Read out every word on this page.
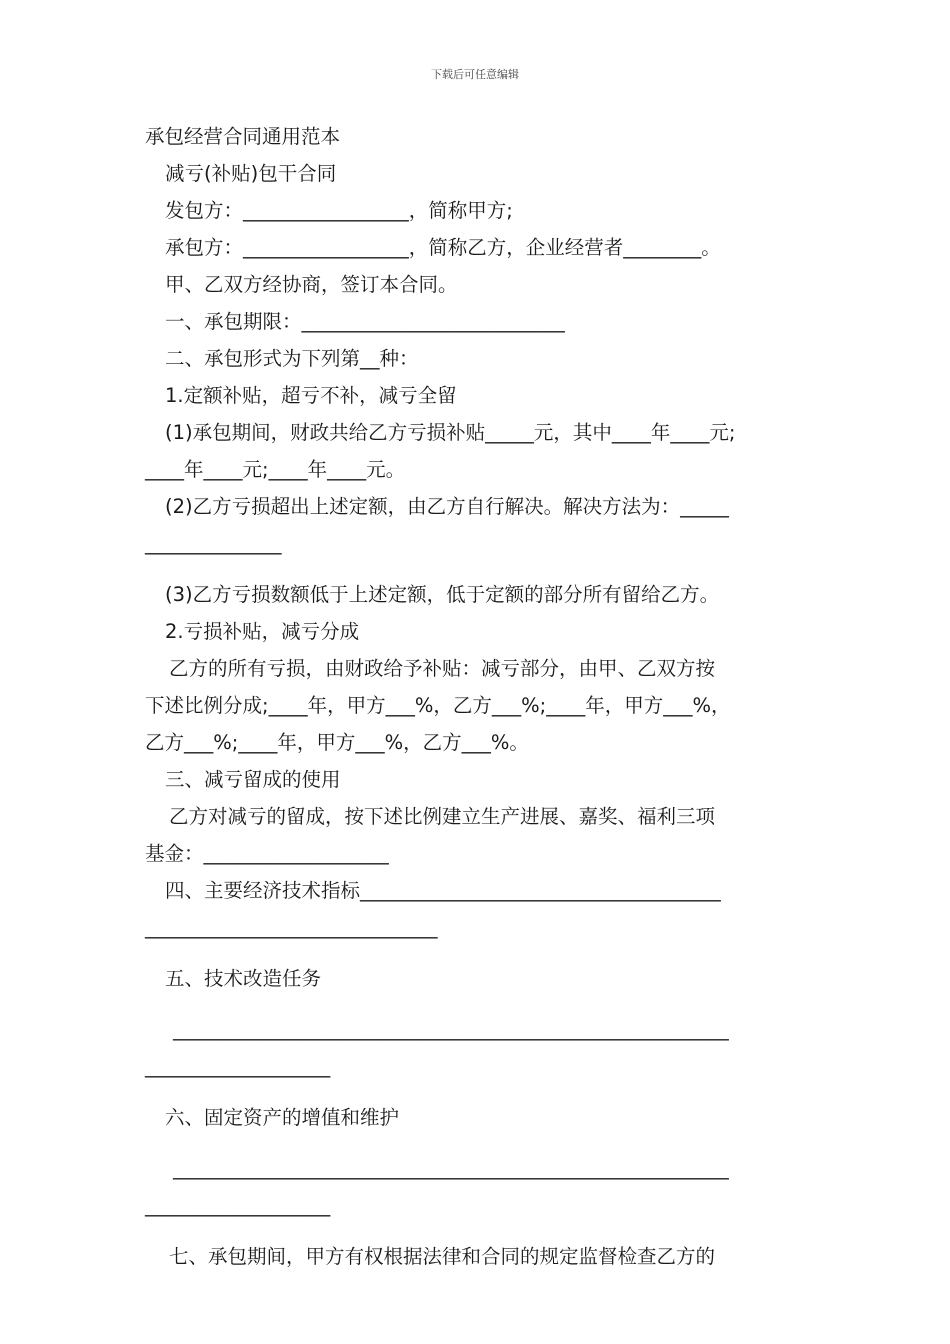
下载后可任意编辑
承包经营合同通用范本
减亏(补贴)包干合同
发包方：_________________，简称甲方;
承包方：_________________，简称乙方，企业经营者________。
甲、乙双方经协商，签订本合同。
一、承包期限：___________________________
二、承包形式为下列第__种：
1.定额补贴，超亏不补，减亏全留
(1)承包期间，财政共给乙方亏损补贴_____元，其中____年____元;
____年____元;____年____元。
(2)乙方亏损超出上述定额，由乙方自行解决。解决方法为：_____
______________
(3)乙方亏损数额低于上述定额，低于定额的部分所有留给乙方。
2.亏损补贴，减亏分成
乙方的所有亏损，由财政给予补贴：减亏部分，由甲、乙双方按
下述比例分成;____年，甲方___%，乙方___%;____年，甲方___%，
乙方___%;____年，甲方___%，乙方___%。
三、减亏留成的使用
乙方对减亏的留成，按下述比例建立生产进展、嘉奖、福利三项
基金：___________________
四、主要经济技术指标_____________________________________
______________________________
五、技术改造任务
_________________________________________________________
___________________
六、固定资产的增值和维护
_________________________________________________________
___________________
七、承包期间，甲方有权根据法律和合同的规定监督检查乙方的
